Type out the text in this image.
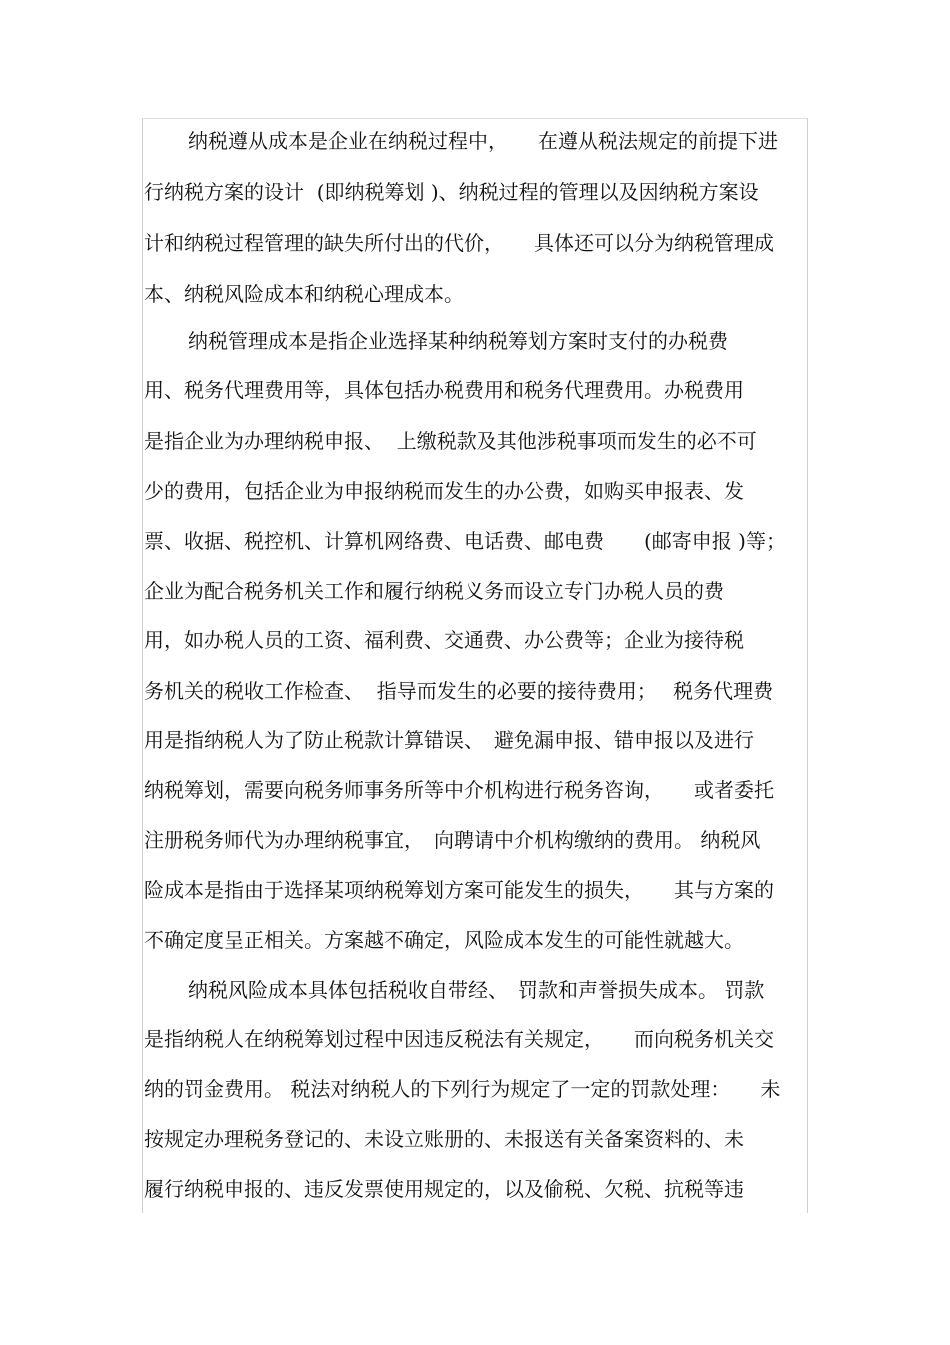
纳税遵从成本是企业在纳税过程中，　　在遵从税法规定的前提下进
行纳税方案的设计  (即纳税筹划 )、纳税过程的管理以及因纳税方案设
计和纳税过程管理的缺失所付出的代价，　　具体还可以分为纳税管理成
本、纳税风险成本和纳税心理成本。
纳税管理成本是指企业选择某种纳税筹划方案时支付的办税费
用、税务代理费用等，具体包括办税费用和税务代理费用。办税费用
是指企业为办理纳税申报、  上缴税款及其他涉税事项而发生的必不可
少的费用，包括企业为申报纳税而发生的办公费，如购买申报表、发
票、收据、税控机、计算机网络费、电话费、邮电费　　(邮寄申报 )等；
企业为配合税务机关工作和履行纳税义务而设立专门办税人员的费
用，如办税人员的工资、福利费、交通费、办公费等；企业为接待税
务机关的税收工作检查、  指导而发生的必要的接待费用；　 税务代理费
用是指纳税人为了防止税款计算错误、　避免漏申报、错申报以及进行
纳税筹划，需要向税务师事务所等中介机构进行税务咨询，　　或者委托
注册税务师代为办理纳税事宜，　向聘请中介机构缴纳的费用。 纳税风
险成本是指由于选择某项纳税筹划方案可能发生的损失，　　其与方案的
不确定度呈正相关。方案越不确定，风险成本发生的可能性就越大。
纳税风险成本具体包括税收自带经、　罚款和声誉损失成本。 罚款
是指纳税人在纳税筹划过程中因违反税法有关规定，　　而向税务机关交
纳的罚金费用。 税法对纳税人的下列行为规定了一定的罚款处理：　　未
按规定办理税务登记的、未设立账册的、未报送有关备案资料的、未
履行纳税申报的、违反发票使用规定的，以及偷税、欠税、抗税等违
